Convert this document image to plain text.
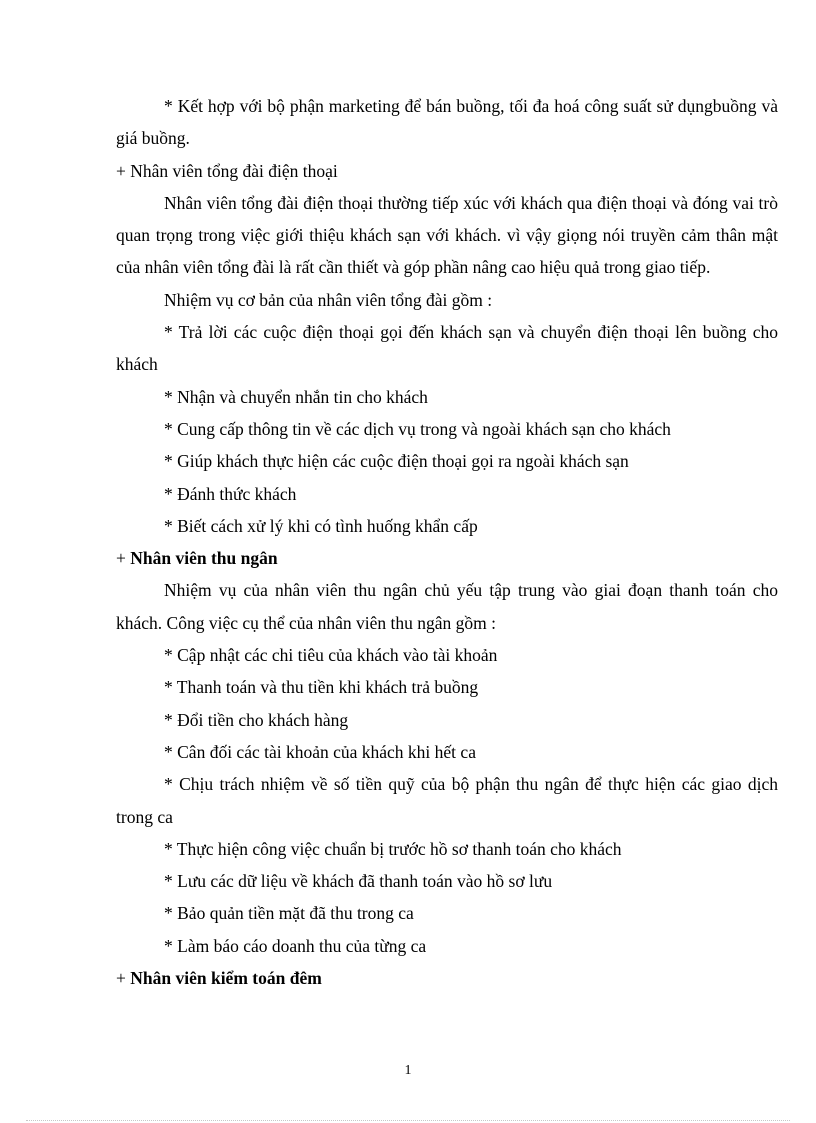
* Kết hợp với bộ phận marketing để bán buồng, tối đa hoá công suất sử dụngbuồng và giá buồng.

+ Nhân viên tổng đài điện thoại

Nhân viên tổng đài điện thoại thường tiếp xúc với khách qua điện thoại và đóng vai trò quan trọng trong việc giới thiệu khách sạn với khách. vì vậy giọng nói truyền cảm thân mật của nhân viên tổng đài là rất cần thiết và góp phần nâng cao hiệu quả trong giao tiếp.

Nhiệm vụ cơ bản của nhân viên tổng đài gồm :

* Trả lời các cuộc điện thoại gọi đến khách sạn và chuyển điện thoại lên buồng cho khách

* Nhận và chuyển nhắn tin cho khách

* Cung cấp thông tin về các dịch vụ trong và ngoài khách sạn cho khách

* Giúp khách thực hiện các cuộc điện thoại gọi ra ngoài khách sạn

* Đánh thức khách

* Biết cách xử lý khi có tình huống khẩn cấp

+ Nhân viên thu ngân

Nhiệm vụ của nhân viên thu ngân chủ yếu tập trung vào giai đoạn thanh toán cho khách. Công việc cụ thể của nhân viên thu ngân gồm :

* Cập nhật các chi tiêu của khách vào tài khoản

* Thanh toán và thu tiền khi khách trả buồng

* Đổi tiền cho khách hàng

* Cân đối các tài khoản của khách khi hết ca

* Chịu trách nhiệm về số tiền quỹ của bộ phận thu ngân để thực hiện các giao dịch trong ca

* Thực hiện công việc chuẩn bị trước hồ sơ thanh toán cho khách

* Lưu các dữ liệu về khách đã thanh toán vào hồ sơ lưu

* Bảo quản tiền mặt đã thu trong ca

* Làm báo cáo doanh thu của từng ca

+ Nhân viên kiểm toán đêm

1
